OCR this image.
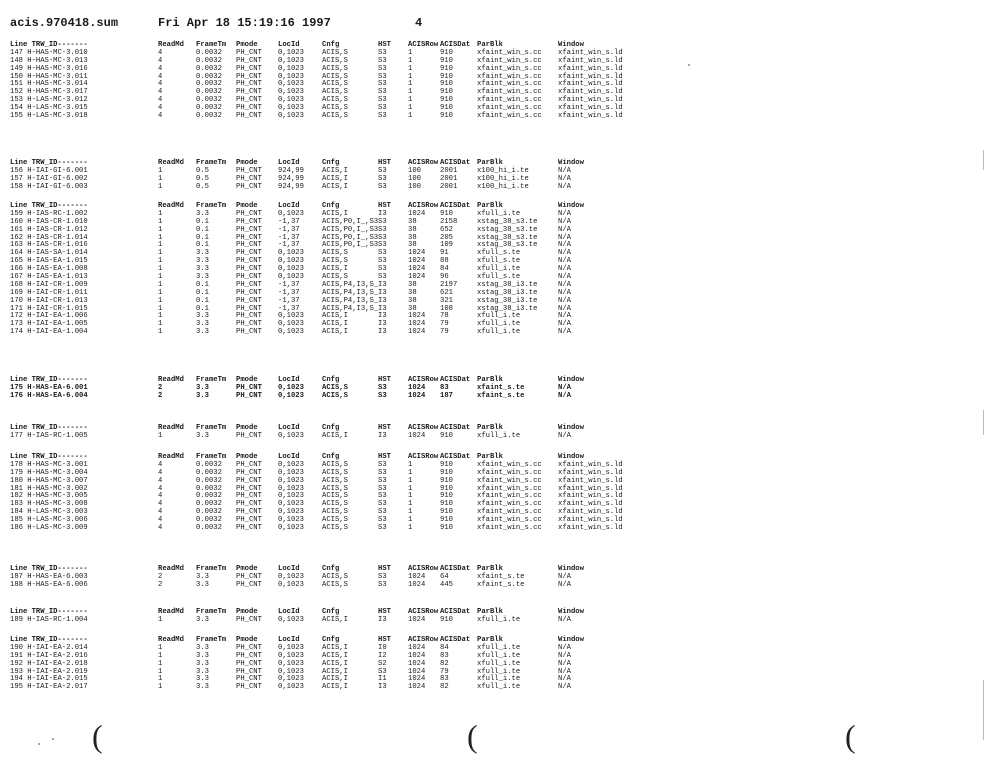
acis.970418.sum	Fri Apr 18 15:19:16 1997	4
Line TRW_ID-------	ReadMd FrameTm Pmode	LocId	Cnfg	HST ACISRow ACISDat ParBlk	Window
147 H-HAS-MC-3.010	4	0.0032 PH_CNT 0,1023	ACIS,S	S3	1	910	xfaint_win_s.cc xfaint_win_s.ld
148 H-HAS-MC-3.013	4	0.0032 PH_CNT 0,1023	ACIS,S	S3	1	910	xfaint_win_s.cc xfaint_win_s.ld
149 H-HAS-MC-3.016	4	0.0032 PH_CNT 0,1023	ACIS,S	S3	1	910	xfaint_win_s.cc xfaint_win_s.ld
150 H-HAS-MC-3.011	4	0.0032 PH_CNT 0,1023	ACIS,S	S3	1	910	xfaint_win_s.cc xfaint_win_s.ld
151 H-HAS-MC-3.014	4	0.0032 PH_CNT 0,1023	ACIS,S	S3	1	910	xfaint_win_s.cc xfaint_win_s.ld
152 H-HAS-MC-3.017	4	0.0032 PH_CNT 0,1023	ACIS,S	S3	1	910	xfaint_win_s.cc xfaint_win_s.ld
153 H-LAS-MC-3.012	4	0.0032 PH_CNT 0,1023	ACIS,S	S3	1	910	xfaint_win_s.cc xfaint_win_s.ld
154 H-LAS-MC-3.015	4	0.0032 PH_CNT 0,1023	ACIS,S	S3	1	910	xfaint_win_s.cc xfaint_win_s.ld
155 H-LAS-MC-3.018	4	0.0032 PH_CNT 0,1023	ACIS,S	S3	1	910	xfaint_win_s.cc xfaint_win_s.ld
Line TRW_ID-------	ReadMd FrameTm Pmode	LocId	Cnfg	HST ACISRow ACISDat ParBlk	Window
156 H-IAI-GI-6.001	1	0.5	PH_CNT 924,99	ACIS,I	S3	100	2001	x100_hi_i.te	N/A
157 H-IAI-GI-6.002	1	0.5	PH_CNT 924,99	ACIS,I	S3	100	2001	x100_hi_i.te	N/A
158 H-IAI-GI-6.003	1	0.5	PH_CNT 924,99	ACIS,I	S3	100	2001	x100_hi_i.te	N/A
Line TRW_ID-------	ReadMd FrameTm Pmode	LocId	Cnfg	HST ACISRow ACISDat ParBlk	Window
159 H-IAS-RC-1.002	1	3.3	PH_CNT 0,1023	ACIS,I	I3	1024 910	xfull_i.te	N/A
160 H-IAS-CR-1.010	1	0.1	PH_CNT -1,37	ACIS,P0,I_,S3 S3	38	2158	xstag_38_s3.te	N/A
161 H-IAS-CR-1.012	1	0.1	PH_CNT -1,37	ACIS,P0,I_,S3 S3	38	652	xstag_38_s3.te	N/A
162 H-IAS-CR-1.014	1	0.1	PH_CNT -1,37	ACIS,P0,I_,S3 S3	38	205	xstag_38_s3.te	N/A
163 H-IAS-CR-1.016	1	0.1	PH_CNT -1,37	ACIS,P0,I_,S3 S3	38	109	xstag_38_s3.te	N/A
164 H-IAS-SA-1.014	1	3.3	PH_CNT 0,1023	ACIS,S	S3	1024 91	xfull_s.te	N/A
165 H-IAS-EA-1.015	1	3.3	PH_CNT 0,1023	ACIS,S	S3	1024 88	xfull_s.te	N/A
166 H-IAS-EA-1.008	1	3.3	PH_CNT 0,1023	ACIS,I	S3	1024 84	xfull_i.te	N/A
167 H-IAS-EA-1.013	1	3.3	PH_CNT 0,1023	ACIS,S	S3	1024 96	xfull_s.te	N/A
168 H-IAI-CR-1.009	1	0.1	PH_CNT -1,37	ACIS,P4,I3,S_ I3	38	2197	xstag_38_i3.te	N/A
169 H-IAI-CR-1.011	1	0.1	PH_CNT -1,37	ACIS,P4,I3,S_ I3	38	621	xstag_38_i3.te	N/A
170 H-IAI-CR-1.013	1	0.1	PH_CNT -1,37	ACIS,P4,I3,S_ I3	38	321	xstag_38_i3.te	N/A
171 H-IAI-CR-1.015	1	0.1	PH_CNT -1,37	ACIS,P4,I3,S_ I3	38	108	xstag_38_i3.te	N/A
172 H-IAI-EA-1.006	1	3.3	PH_CNT 0,1023	ACIS,I	I3	1024 78	xfull_i.te	N/A
173 H-IAI-EA-1.005	1	3.3	PH_CNT 0,1023	ACIS,I	I3	1024 79	xfull_i.te	N/A
174 H-IAI-EA-1.004	1	3.3	PH_CNT 0,1023	ACIS,I	I3	1024 79	xfull_i.te	N/A
Line TRW_ID-------	ReadMd FrameTm Pmode	LocId	Cnfg	HST ACISRow ACISDat ParBlk	Window
175 H-HAS-EA-6.001	2	3.3	PH_CNT 0,1023	ACIS,S	S3	1024 83	xfaint_s.te	N/A
176 H-HAS-EA-6.004	2	3.3	PH_CNT 0,1023	ACIS,S	S3	1024 187	xfaint_s.te	N/A
Line TRW_ID-------	ReadMd FrameTm Pmode	LocId	Cnfg	HST ACISRow ACISDat ParBlk	Window
177 H-IAS-RC-1.005	1	3.3	PH_CNT 0,1023	ACIS,I	I3	1024 910	xfull_i.te	N/A
Line TRW_ID-------	ReadMd FrameTm Pmode	LocId	Cnfg	HST ACISRow ACISDat ParBlk	Window
178 H-HAS-MC-3.001	4	0.0032 PH_CNT 0,1023	ACIS,S	S3	1	910	xfaint_win_s.cc xfaint_win_s.ld
179 H-HAS-MC-3.004	4	0.0032 PH_CNT 0,1023	ACIS,S	S3	1	910	xfaint_win_s.cc xfaint_win_s.ld
180 H-HAS-MC-3.007	4	0.0032 PH_CNT 0,1023	ACIS,S	S3	1	910	xfaint_win_s.cc xfaint_win_s.ld
181 H-HAS-MC-3.002	4	0.0032 PH_CNT 0,1023	ACIS,S	S3	1	910	xfaint_win_s.cc xfaint_win_s.ld
182 H-HAS-MC-3.005	4	0.0032 PH_CNT 0,1023	ACIS,S	S3	1	910	xfaint_win_s.cc xfaint_win_s.ld
183 H-HAS-MC-3.008	4	0.0032 PH_CNT 0,1023	ACIS,S	S3	1	910	xfaint_win_s.cc xfaint_win_s.ld
184 H-LAS-MC-3.003	4	0.0032 PH_CNT 0,1023	ACIS,S	S3	1	910	xfaint_win_s.cc xfaint_win_s.ld
185 H-LAS-MC-3.006	4	0.0032 PH_CNT 0,1023	ACIS,S	S3	1	910	xfaint_win_s.cc xfaint_win_s.ld
186 H-LAS-MC-3.009	4	0.0032 PH_CNT 0,1023	ACIS,S	S3	1	910	xfaint_win_s.cc xfaint_win_s.ld
Line TRW_ID-------	ReadMd FrameTm Pmode	LocId	Cnfg	HST ACISRow ACISDat ParBlk	Window
187 H-HAS-EA-6.003	2	3.3	PH_CNT 0,1023	ACIS,S	S3	1024 64	xfaint_s.te	N/A
188 H-HAS-EA-6.006	2	3.3	PH_CNT 0,1023	ACIS,S	S3	1024 445	xfaint_s.te	N/A
Line TRW_ID-------	ReadMd FrameTm Pmode	LocId	Cnfg	HST ACISRow ACISDat ParBlk	Window
189 H-IAS-RC-1.004	1	3.3	PH_CNT 0,1023	ACIS,I	I3	1024 910	xfull_i.te	N/A
Line TRW_ID-------	ReadMd FrameTm Pmode	LocId	Cnfg	HST ACISRow ACISDat ParBlk	Window
190 H-IAI-EA-2.014	1	3.3	PH_CNT 0,1023	ACIS,I	I0	1024 84	xfull_i.te	N/A
191 H-IAI-EA-2.016	1	3.3	PH_CNT 0,1023	ACIS,I	I2	1024 83	xfull_i.te	N/A
192 H-IAI-EA-2.018	1	3.3	PH_CNT 0,1023	ACIS,I	S2	1024 82	xfull_i.te	N/A
193 H-IAI-EA-2.019	1	3.3	PH_CNT 0,1023	ACIS,I	S3	1024 79	xfull_i.te	N/A
194 H-IAI-EA-2.015	1	3.3	PH_CNT 0,1023	ACIS,I	I1	1024 83	xfull_i.te	N/A
195 H-IAI-EA-2.017	1	3.3	PH_CNT 0,1023	ACIS,I	I3	1024 82	xfull_i.te	N/A
(	(	(
